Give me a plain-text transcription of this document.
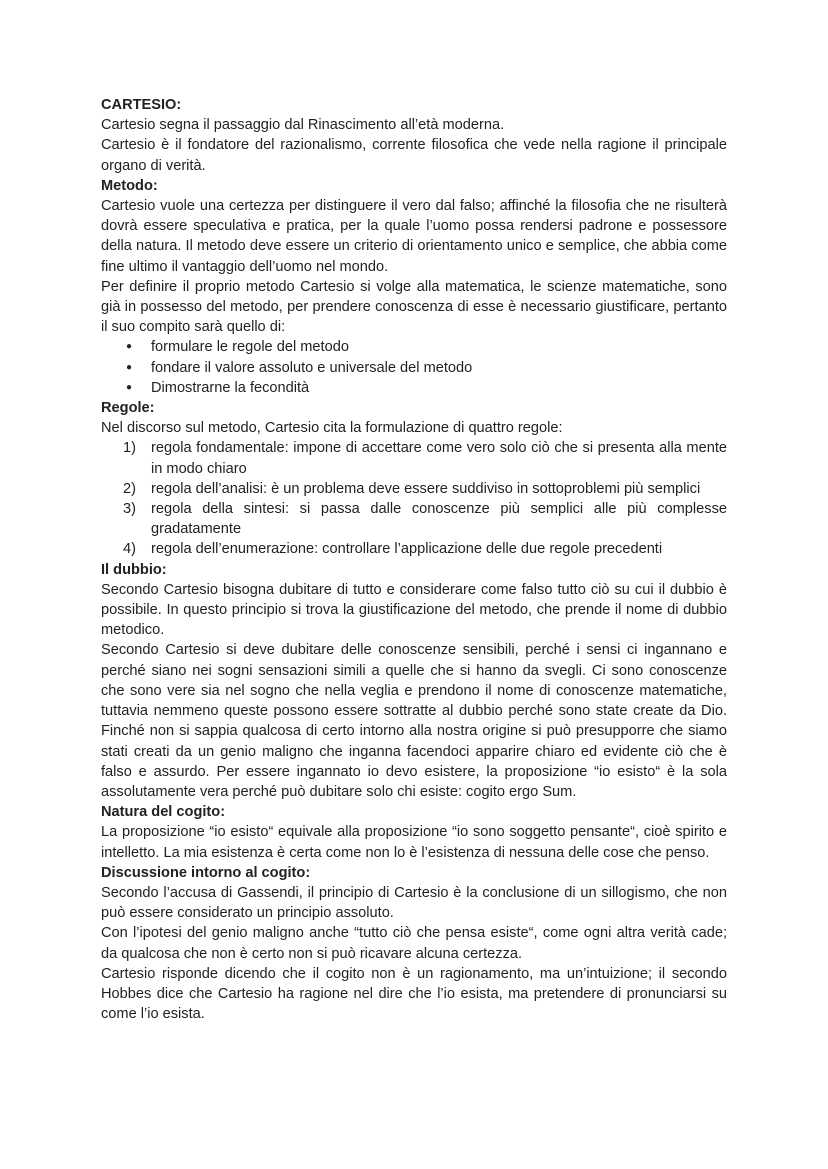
CARTESIO:

Cartesio segna il passaggio dal Rinascimento all’età moderna.

Cartesio è il fondatore del razionalismo, corrente filosofica che vede nella ragione il principale organo di verità.

Metodo:

Cartesio vuole una certezza per distinguere il vero dal falso; affinché la filosofia che ne risulterà dovrà essere speculativa e pratica, per la quale l’uomo possa rendersi padrone e possessore della natura. Il metodo deve essere un criterio di orientamento unico e semplice, che abbia come fine ultimo il vantaggio dell’uomo nel mondo.

Per definire il proprio metodo Cartesio si volge alla matematica, le scienze matematiche, sono già in possesso del metodo, per prendere conoscenza di esse è necessario giustificare, pertanto il suo compito sarà quello di:

● formulare le regole del metodo
● fondare il valore assoluto e universale del metodo
● Dimostrarne la fecondità
Regole:

Nel discorso sul metodo, Cartesio cita la formulazione di quattro regole:

1)	regola fondamentale: impone di accettare come vero solo ciò che si presenta alla mente in modo chiaro
2)	regola dell’analisi: è un problema deve essere suddiviso in sottoproblemi più semplici
3)	regola della sintesi: si passa dalle conoscenze più semplici alle più complesse gradatamente
4)	regola dell’enumerazione: controllare l’applicazione delle due regole precedenti
Il dubbio:

Secondo Cartesio bisogna dubitare di tutto e considerare come falso tutto ciò su cui il dubbio è possibile. In questo principio si trova la giustificazione del metodo, che prende il nome di dubbio metodico.

Secondo Cartesio si deve dubitare delle conoscenze sensibili, perché i sensi ci ingannano e perché siano nei sogni sensazioni simili a quelle che si hanno da svegli. Ci sono conoscenze che sono vere sia nel sogno che nella veglia e prendono il nome di conoscenze matematiche, tuttavia nemmeno queste possono essere sottratte al dubbio perché sono state create da Dio. Finché non si sappia qualcosa di certo intorno alla nostra origine si può presupporre che siamo stati creati da un genio maligno che inganna facendoci apparire chiaro ed evidente ciò che è falso e assurdo. Per essere ingannato io devo esistere, la proposizione “io esisto“ è la sola assolutamente vera perché può dubitare solo chi esiste: cogito ergo Sum.

Natura del cogito:

La proposizione “io esisto“ equivale alla proposizione “io sono soggetto pensante“, cioè spirito e intelletto. La mia esistenza è certa come non lo è l’esistenza di nessuna delle cose che penso.

Discussione intorno al cogito:

Secondo l’accusa di Gassendi, il principio di Cartesio è la conclusione di un sillogismo, che non può essere considerato un principio assoluto.

Con l’ipotesi del genio maligno anche “tutto ciò che pensa esiste“, come ogni altra verità cade; da qualcosa che non è certo non si può ricavare alcuna certezza.

Cartesio risponde dicendo che il cogito non è un ragionamento, ma un’intuizione; il secondo Hobbes dice che Cartesio ha ragione nel dire che l’io esista, ma pretendere di pronunciarsi su come l’io esista.
